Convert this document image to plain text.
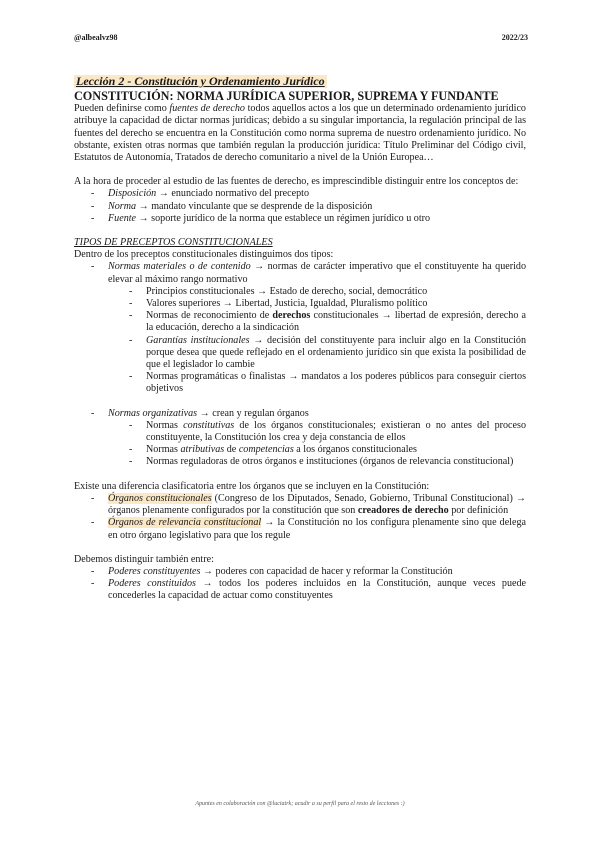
@albealvz98	2022/23
Lección 2 - Constitución y Ordenamiento Jurídico
CONSTITUCIÓN: NORMA JURÍDICA SUPERIOR, SUPREMA Y FUNDANTE

Pueden definirse como fuentes de derecho todos aquellos actos a los que un determinado ordenamiento jurídico atribuye la capacidad de dictar normas jurídicas; debido a su singular importancia, la regulación principal de las fuentes del derecho se encuentra en la Constitución como norma suprema de nuestro ordenamiento jurídico. No obstante, existen otras normas que también regulan la producción jurídica: Título Preliminar del Código civil, Estatutos de Autonomía, Tratados de derecho comunitario a nivel de la Unión Europea…

A la hora de proceder al estudio de las fuentes de derecho, es imprescindible distinguir entre los conceptos de:

- Disposición → enunciado normativo del precepto
- Norma → mandato vinculante que se desprende de la disposición
- Fuente → soporte jurídico de la norma que establece un régimen jurídico u otro

TIPOS DE PRECEPTOS CONSTITUCIONALES

Dentro de los preceptos constitucionales distinguimos dos tipos:

- Normas materiales o de contenido → normas de carácter imperativo que el constituyente ha querido elevar al máximo rango normativo
- Principios constitucionales → Estado de derecho, social, democrático
- Valores superiores → Libertad, Justicia, Igualdad, Pluralismo político
- Normas de reconocimiento de derechos constitucionales → libertad de expresión, derecho a la educación, derecho a la sindicación
- Garantías institucionales → decisión del constituyente para incluir algo en la Constitución porque desea que quede reflejado en el ordenamiento jurídico sin que exista la posibilidad de que el legislador lo cambie
- Normas programáticas o finalistas → mandatos a los poderes públicos para conseguir ciertos objetivos
- Normas organizativas → crean y regulan órganos
- Normas constitutivas de los órganos constitucionales; existieran o no antes del proceso constituyente, la Constitución los crea y deja constancia de ellos
- Normas atributivas de competencias a los órganos constitucionales
- Normas reguladoras de otros órganos e instituciones (órganos de relevancia constitucional)

Existe una diferencia clasificatoria entre los órganos que se incluyen en la Constitución:

- Órganos constitucionales (Congreso de los Diputados, Senado, Gobierno, Tribunal Constitucional) → órganos plenamente configurados por la constitución que son creadores de derecho por definición
- Órganos de relevancia constitucional → la Constitución no los configura plenamente sino que delega en otro órgano legislativo para que los regule

Debemos distinguir también entre:

- Poderes constituyentes → poderes con capacidad de hacer y reformar la Constitución
- Poderes constituidos → todos los poderes incluidos en la Constitución, aunque veces puede concederles la capacidad de actuar como constituyentes
Apuntes en colaboración con @luciatrk; acudir a su perfil para el resto de lecciones :)
